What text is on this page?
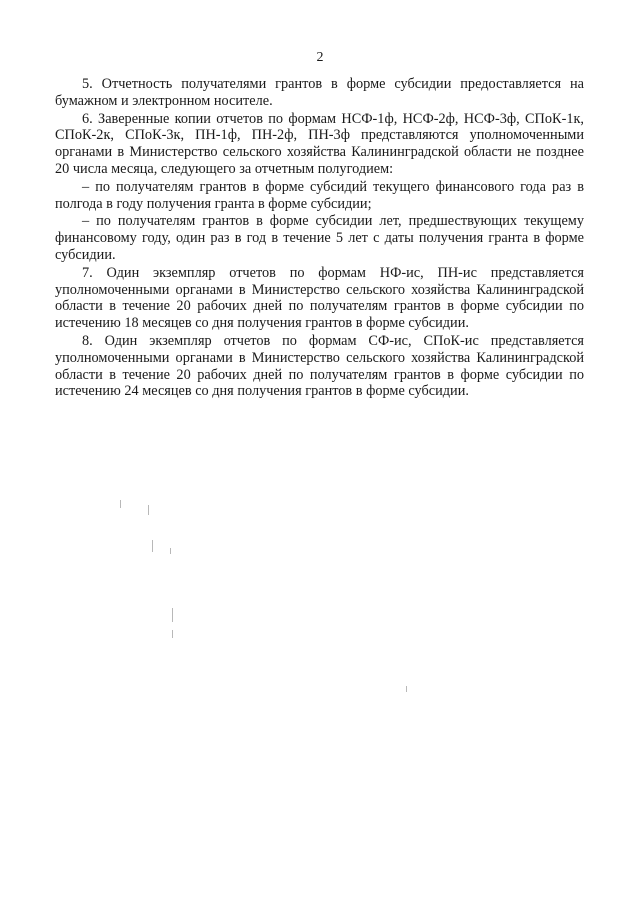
2

5. Отчетность получателями грантов в форме субсидии предоставляется на бумажном и электронном носителе.

6. Заверенные копии отчетов по формам НСФ-1ф, НСФ-2ф, НСФ-3ф, СПоК-1к, СПоК-2к, СПоК-3к, ПН-1ф, ПН-2ф, ПН-3ф представляются уполномоченными органами в Министерство сельского хозяйства Калининградской области не позднее 20 числа месяца, следующего за отчетным полугодием:

– по получателям грантов в форме субсидий текущего финансового года раз в полгода в году получения гранта в форме субсидии;

– по получателям грантов в форме субсидии лет, предшествующих текущему финансовому году, один раз в год в течение 5 лет с даты получения гранта в форме субсидии.

7. Один экземпляр отчетов по формам НФ-ис, ПН-ис представляется уполномоченными органами в Министерство сельского хозяйства Калининградской области в течение 20 рабочих дней по получателям грантов в форме субсидии по истечению 18 месяцев со дня получения грантов в форме субсидии.

8. Один экземпляр отчетов по формам СФ-ис, СПоК-ис представляется уполномоченными органами в Министерство сельского хозяйства Калининградской области в течение 20 рабочих дней по получателям грантов в форме субсидии по истечению 24 месяцев со дня получения грантов в форме субсидии.
